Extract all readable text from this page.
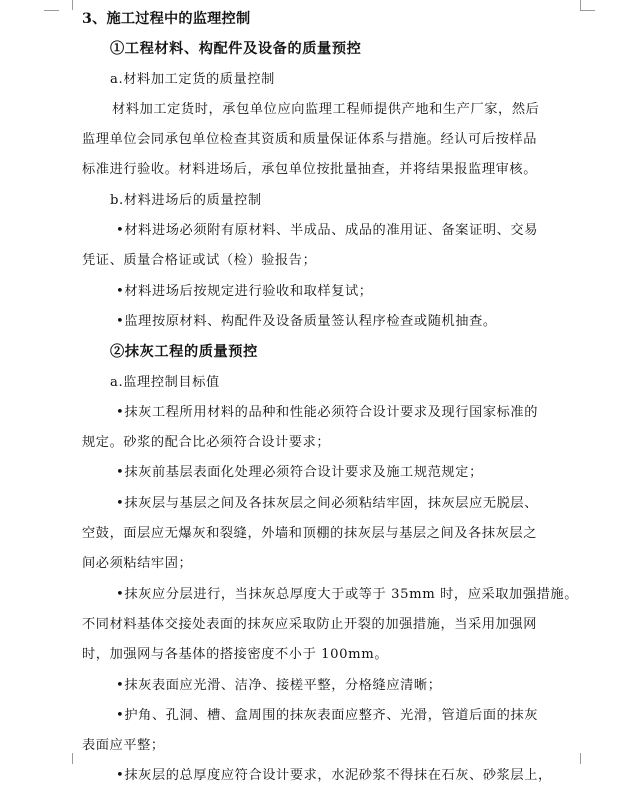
3、施工过程中的监理控制
①工程材料、构配件及设备的质量预控
a.材料加工定货的质量控制
材料加工定货时，承包单位应向监理工程师提供产地和生产厂家，然后
监理单位会同承包单位检查其资质和质量保证体系与措施。经认可后按样品
标准进行验收。材料进场后，承包单位按批量抽查，并将结果报监理审核。
b.材料进场后的质量控制
•材料进场必须附有原材料、半成品、成品的准用证、备案证明、交易
凭证、质量合格证或试（检）验报告；
•材料进场后按规定进行验收和取样复试；
•监理按原材料、构配件及设备质量签认程序检查或随机抽查。
②抹灰工程的质量预控
a.监理控制目标值
•抹灰工程所用材料的品种和性能必须符合设计要求及现行国家标准的
规定。砂浆的配合比必须符合设计要求；
•抹灰前基层表面化处理必须符合设计要求及施工规范规定；
•抹灰层与基层之间及各抹灰层之间必须粘结牢固，抹灰层应无脱层、
空鼓，面层应无爆灰和裂缝，外墙和顶棚的抹灰层与基层之间及各抹灰层之
间必须粘结牢固；
•抹灰应分层进行，当抹灰总厚度大于或等于 35mm 时，应采取加强措施。
不同材料基体交接处表面的抹灰应采取防止开裂的加强措施，当采用加强网
时，加强网与各基体的搭接密度不小于 100mm。
•抹灰表面应光滑、洁净、接槎平整，分格缝应清晰；
•护角、孔洞、槽、盒周围的抹灰表面应整齐、光滑，管道后面的抹灰
表面应平整；
•抹灰层的总厚度应符合设计要求，水泥砂浆不得抹在石灰、砂浆层上，
